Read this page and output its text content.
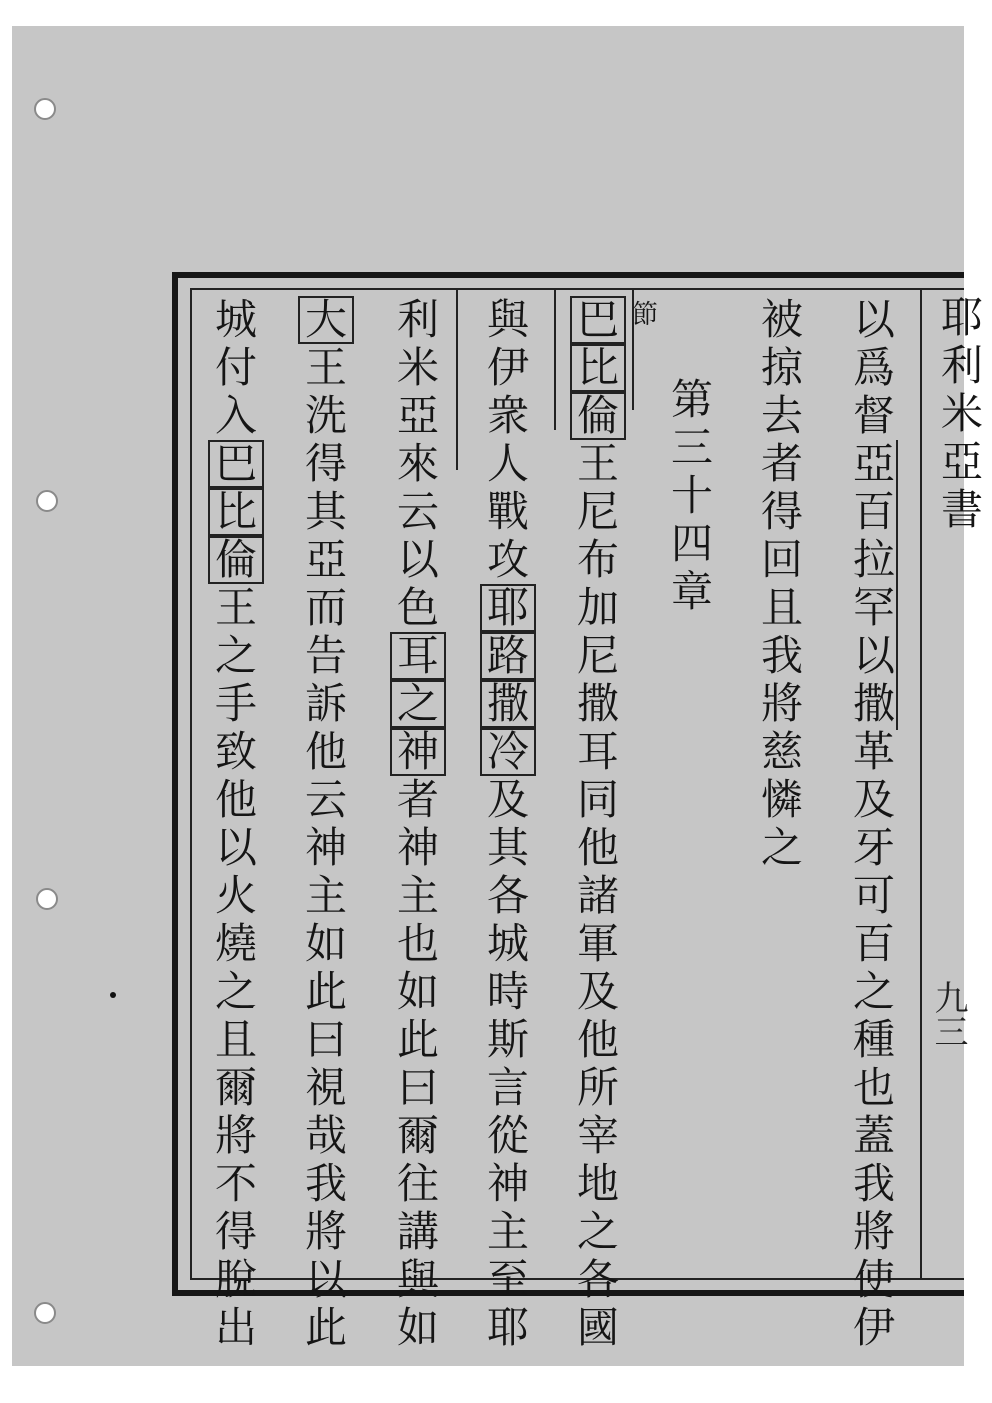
耶
利
米
亞
書
以
爲
督
亞
百
拉
罕
以
撒
革
及
牙
可
百
之
種
也
蓋
我
將
使
伊
被
掠
去
者
得
回
且
我
將
慈
憐
之
第
三
十
四
章
巴
比
倫
王
尼
布
加
尼
撒
耳
同
他
諸
軍
及
他
所
宰
地
之
各
國
與
伊
衆
人
戰
攻
耶
路
撒
冷
及
其
各
城
時
斯
言
從
神
主
至
耶
利
米
亞
來
云
以
色
耳
之
神
者
神
主
也
如
此
曰
爾
往
講
與
如
大
王
洗
得
其
亞
而
告
訴
他
云
神
主
如
此
曰
視
哉
我
將
以
此
城
付
入
巴
比
倫
王
之
手
致
他
以
火
燒
之
且
爾
將
不
得
脫
出
節
九三
